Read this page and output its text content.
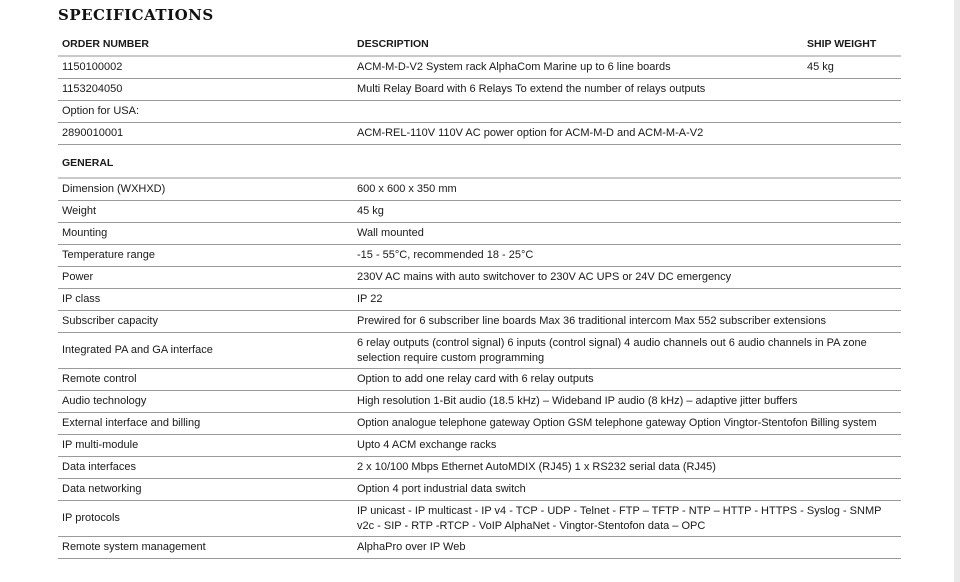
SPECIFICATIONS
ORDER NUMBER	DESCRIPTION	SHIP WEIGHT
1150100002	ACM-M-D-V2 System rack AlphaCom Marine up to 6 line boards	45 kg
1153204050	Multi Relay Board with 6 Relays To extend the number of relays outputs	
Option for USA:		
2890010001	ACM-REL-110V 110V AC power option for ACM-M-D and ACM-M-A-V2	
GENERAL		
Dimension (WXHXD)	600 x 600 x 350 mm	
Weight	45 kg	
Mounting	Wall mounted	
Temperature range	-15 - 55°C, recommended 18 - 25°C	
Power	230V AC mains with auto switchover to 230V AC UPS or 24V DC emergency	
IP class	IP 22	
Subscriber capacity	Prewired for 6 subscriber line boards Max 36 traditional intercom Max 552 subscriber extensions	
Integrated PA and GA interface	6 relay outputs (control signal) 6 inputs (control signal) 4 audio channels out 6 audio channels in PA zone selection require custom programming	
Remote control	Option to add one relay card with 6 relay outputs	
Audio technology	High resolution 1-Bit audio (18.5 kHz) – Wideband IP audio (8 kHz) – adaptive jitter buffers	
External interface and billing	Option analogue telephone gateway Option GSM telephone gateway Option Vingtor-Stentofon Billing system	
IP multi-module	Upto 4 ACM exchange racks	
Data interfaces	2 x 10/100 Mbps Ethernet AutoMDIX (RJ45) 1 x RS232 serial data (RJ45)	
Data networking	Option 4 port industrial data switch	
IP protocols	IP unicast - IP multicast - IP v4 - TCP - UDP - Telnet - FTP – TFTP - NTP – HTTP - HTTPS - Syslog - SNMP v2c - SIP - RTP -RTCP - VoIP AlphaNet - Vingtor-Stentofon data – OPC	
Remote system management	AlphaPro over IP Web	
